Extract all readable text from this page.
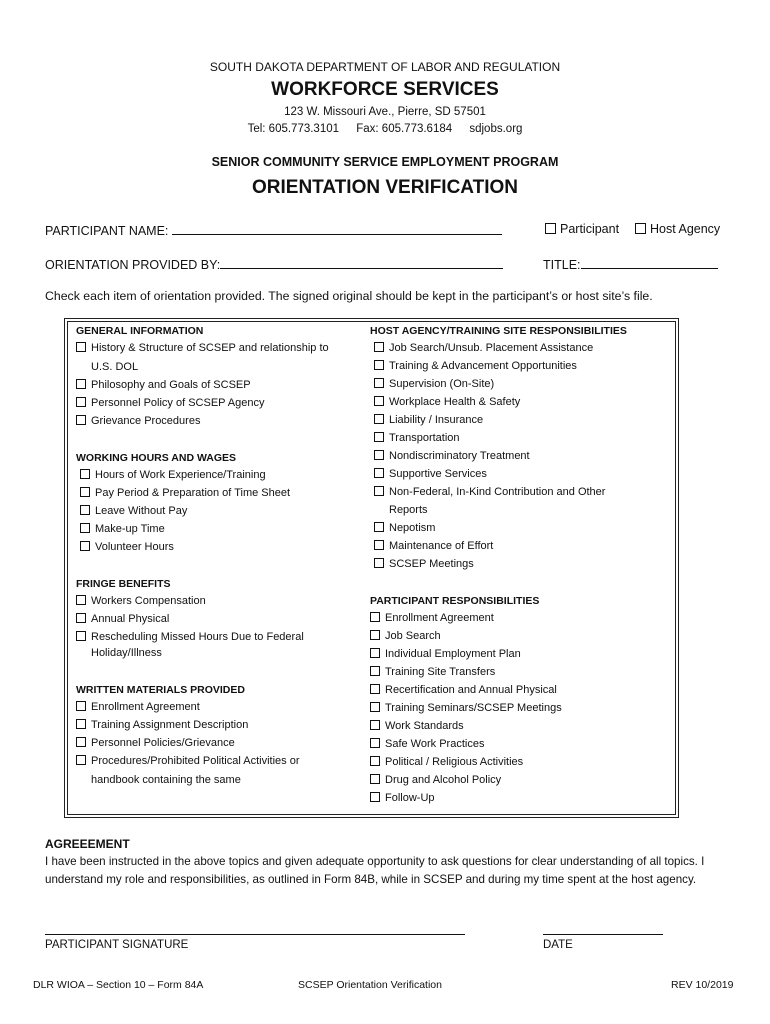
SOUTH DAKOTA DEPARTMENT OF LABOR AND REGULATION
WORKFORCE SERVICES
123 W. Missouri Ave., Pierre, SD 57501
Tel: 605.773.3101 Fax: 605.773.6184 sdjobs.org
SENIOR COMMUNITY SERVICE EMPLOYMENT PROGRAM
ORIENTATION VERIFICATION
PARTICIPANT NAME:	Participant	Host Agency
ORIENTATION PROVIDED BY:	TITLE:
Check each item of orientation provided. The signed original should be kept in the participant’s or host site’s file.
GENERAL INFORMATION
History & Structure of SCSEP and relationship to
U.S. DOL
Philosophy and Goals of SCSEP
Personnel Policy of SCSEP Agency
Grievance Procedures
WORKING HOURS AND WAGES
Hours of Work Experience/Training
Pay Period & Preparation of Time Sheet
Leave Without Pay
Make-up Time
Volunteer Hours
FRINGE BENEFITS
Workers Compensation
Annual Physical
Rescheduling Missed Hours Due to Federal
Holiday/Illness
WRITTEN MATERIALS PROVIDED
Enrollment Agreement
Training Assignment Description
Personnel Policies/Grievance
Procedures/Prohibited Political Activities or
handbook containing the same
HOST AGENCY/TRAINING SITE RESPONSIBILITIES
Job Search/Unsub. Placement Assistance
Training & Advancement Opportunities
Supervision (On-Site)
Workplace Health & Safety
Liability / Insurance
Transportation
Nondiscriminatory Treatment
Supportive Services
Non-Federal, In-Kind Contribution and Other
Reports
Nepotism
Maintenance of Effort
SCSEP Meetings
PARTICIPANT RESPONSIBILITIES
Enrollment Agreement
Job Search
Individual Employment Plan
Training Site Transfers
Recertification and Annual Physical
Training Seminars/SCSEP Meetings
Work Standards
Safe Work Practices
Political / Religious Activities
Drug and Alcohol Policy
Follow-Up
AGREEEMENT
I have been instructed in the above topics and given adequate opportunity to ask questions for clear understanding of all topics. I understand my role and responsibilities, as outlined in Form 84B, while in SCSEP and during my time spent at the host agency.
PARTICIPANT SIGNATURE	DATE
DLR WIOA – Section 10 – Form 84A	SCSEP Orientation Verification	REV 10/2019
